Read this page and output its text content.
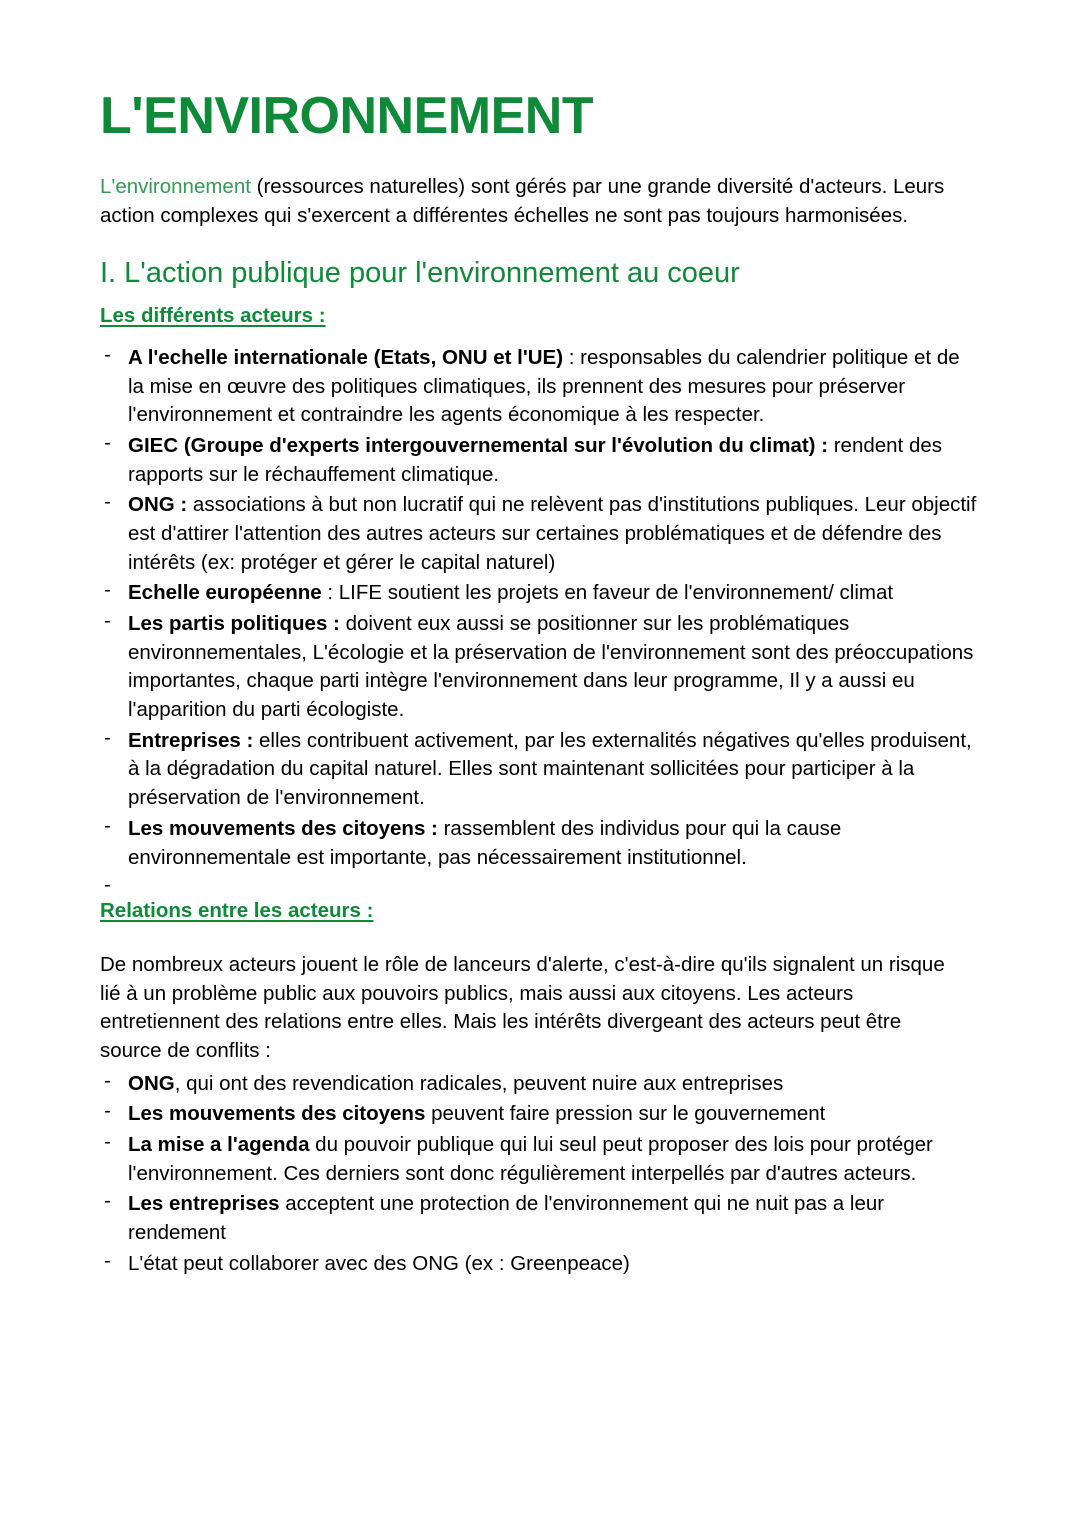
L'ENVIRONNEMENT

L'environnement (ressources naturelles) sont gérés par une grande diversité d'acteurs. Leurs action complexes qui s'exercent a différentes échelles ne sont pas toujours harmonisées.

I. L'action publique pour l'environnement au coeur
Les différents acteurs :
- A l'echelle internationale (Etats, ONU et l'UE) : responsables du calendrier politique et de la mise en œuvre des politiques climatiques, ils prennent des mesures pour préserver l'environnement et contraindre les agents économique à les respecter.
- GIEC (Groupe d'experts intergouvernemental sur l'évolution du climat) : rendent des rapports sur le réchauffement climatique.
- ONG : associations à but non lucratif qui ne relèvent pas d'institutions publiques. Leur objectif est d'attirer l'attention des autres acteurs sur certaines problématiques et de défendre des intérêts (ex: protéger et gérer le capital naturel)
- Echelle européenne : LIFE soutient les projets en faveur de l'environnement/ climat
- Les partis politiques : doivent eux aussi se positionner sur les problématiques environnementales, L'écologie et la préservation de l'environnement sont des préoccupations importantes, chaque parti intègre l'environnement dans leur programme, Il y a aussi eu l'apparition du parti écologiste.
- Entreprises : elles contribuent activement, par les externalités négatives qu'elles produisent, à la dégradation du capital naturel. Elles sont maintenant sollicitées pour participer à la préservation de l'environnement.
- Les mouvements des citoyens : rassemblent des individus pour qui la cause environnementale est importante, pas nécessairement institutionnel.
-
Relations entre les acteurs :

De nombreux acteurs jouent le rôle de lanceurs d'alerte, c'est-à-dire qu'ils signalent un risque lié à un problème public aux pouvoirs publics, mais aussi aux citoyens. Les acteurs entretiennent des relations entre elles. Mais les intérêts divergeant des acteurs peut être source de conflits :

- ONG, qui ont des revendication radicales, peuvent nuire aux entreprises
- Les mouvements des citoyens peuvent faire pression sur le gouvernement
- La mise a l'agenda du pouvoir publique qui lui seul peut proposer des lois pour protéger l'environnement. Ces derniers sont donc régulièrement interpellés par d'autres acteurs.
- Les entreprises acceptent une protection de l'environnement qui ne nuit pas a leur rendement
- L'état peut collaborer avec des ONG (ex : Greenpeace)
